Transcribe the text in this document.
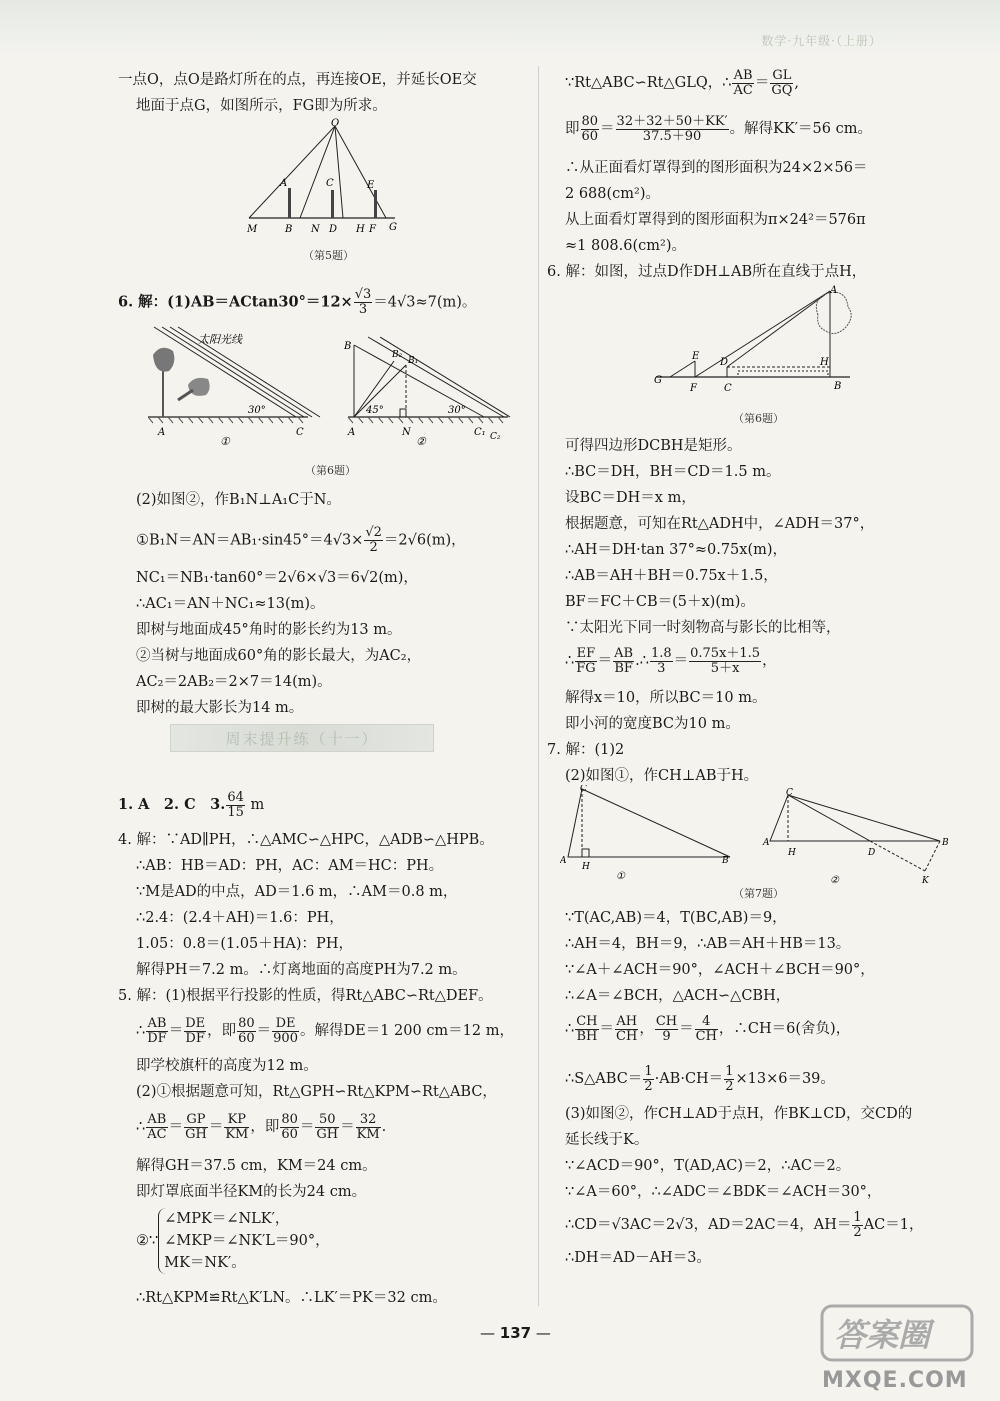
数学·九年级·（上册）
一点O，点O是路灯所在的点，再连接OE，并延长OE交
地面于点G，如图所示，FG即为所求。
O
A	C	E
M	B N D H F G
（第5题）
6. 解：$(1)AB=ACtan30^\circ=12\times \frac{√3}{3} =4√3\approx 7(m)$。
太阳光线
30°
A	C
①
B
B₂
B₁
45°	30°
A	N	C₁ C₂
②
（第6题）
(2)如图②，作B₁N⊥A₁C于N。
①B₁N＝AN＝AB₁·sin45°＝4√3× $\frac{√2}{2} =2√6(m)$，
NC₁＝NB₁·tan60°＝2√6×√3＝6√2(m)，
∴AC₁＝AN＋NC₁≈13(m)。
即树与地面成45°角时的影长约为13 m。
②当树与地面成60°角的影长最大，为AC₂，
AC₂＝2AB₂＝2×7＝14(m)。
即树的最大影长为14 m。
周末提升练（十一）
1. A　2. C　3. $\frac{64}{15}$ m
4. 解：∵AD∥PH，∴△AMC∽△HPC，△ADB∽△HPB。
∴AB：HB＝AD：PH，AC：AM＝HC：PH。
∵M是AD的中点，AD＝1.6 m，∴AM＝0.8 m，
∴2.4：(2.4＋AH)＝1.6：PH，
1.05：0.8＝(1.05＋HA)：PH，
解得PH＝7.2 m。∴灯离地面的高度PH为7.2 m。
5. 解：(1)根据平行投影的性质，得Rt△ABC∽Rt△DEF。
∴ $\frac{AB}{DF} = \frac{DE}{DF}$ ，即 $\frac{80}{60} = \frac{DE}{900}$ 。解得DE＝1 200 cm＝12 m，
即学校旗杆的高度为12 m。
(2)①根据题意可知，Rt△GPH∽Rt△KPM∽Rt△ABC，
∴ $\frac{AB}{AC} = \frac{GP}{GH} = \frac{KP}{KM}$ ，即 $\frac{80}{60} = \frac{50}{GH} = \frac{32}{KM}$ .
解得GH＝37.5 cm，KM＝24 cm。
即灯罩底面半径KM的长为24 cm。
②∵∠MPK＝∠NLK′，
∠MKP＝∠NK′L＝90°，
MK＝NK′。
∴Rt△KPM≌Rt△K′LN。∴LK′＝PK＝32 cm。
∵Rt△ABC∽Rt△GLQ，∴ $\frac{AB}{AC} = \frac{GL}{GQ}$ ,
即 $\frac{80}{60} = \frac{32+32+50+KK'}{37.5+90}$ 。解得KK′＝56 cm。
∴从正面看灯罩得到的图形面积为24×2×56＝
2 688(cm²)。
从上面看灯罩得到的图形面积为π×24²＝576π
≈1 808.6(cm²)。
6. 解：如图，过点D作DH⊥AB所在直线于点H，
A
E
G
F
D
C
H
B
（第6题）
可得四边形DCBH是矩形。
∴BC＝DH，BH＝CD＝1.5 m。
设BC＝DH＝x m，
根据题意，可知在Rt△ADH中，∠ADH＝37°，
∴AH＝DH·tan 37°≈0.75x(m)，
∴AB＝AH＋BH＝0.75x＋1.5，
BF＝FC＋CB＝(5＋x)(m)。
∵太阳光下同一时刻物高与影长的比相等，
∴ $\frac{EF}{FG} = \frac{AB}{BF}$ .∴ $\frac{1.8}{3} = \frac{0.75x+1.5}{5+x}$ ，
解得x＝10，所以BC＝10 m。
即小河的宽度BC为10 m。
7. 解：(1)2
(2)如图①，作CH⊥AB于H。
C
A
H
B
①
C
A
H	D
B
K
②
（第7题）
∵T(AC,AB)＝4，T(BC,AB)＝9，
∴AH＝4，BH＝9，∴AB＝AH＋HB＝13。
∵∠A＋∠ACH＝90°，∠ACH＋∠BCH＝90°，
∴∠A＝∠BCH，△ACH∽△CBH，
∴ $\frac{CH}{BH} = \frac{AH}{CH}$ ， $\frac{CH}{9} = \frac{4}{CH}$ ，∴CH＝6(舍负)，
∴S△ABC＝ $\frac{1}{2} \cdot AB\cdot CH= \frac{1}{2} \times 13\times 6=39$。
(3)如图②，作CH⊥AD于点H，作BK⊥CD，交CD的
延长线于K。
∵∠ACD＝90°，T(AD,AC)＝2，∴AC＝2。
∵∠A＝60°，∴∠ADC＝∠BDK＝∠ACH＝30°，
∴CD＝√3AC＝2√3，AD＝2AC＝4，$AH= \frac{1}{2} AC=1$，
∴DH＝AD－AH＝3。
— 137 —	答案圈
MXQE.COM
